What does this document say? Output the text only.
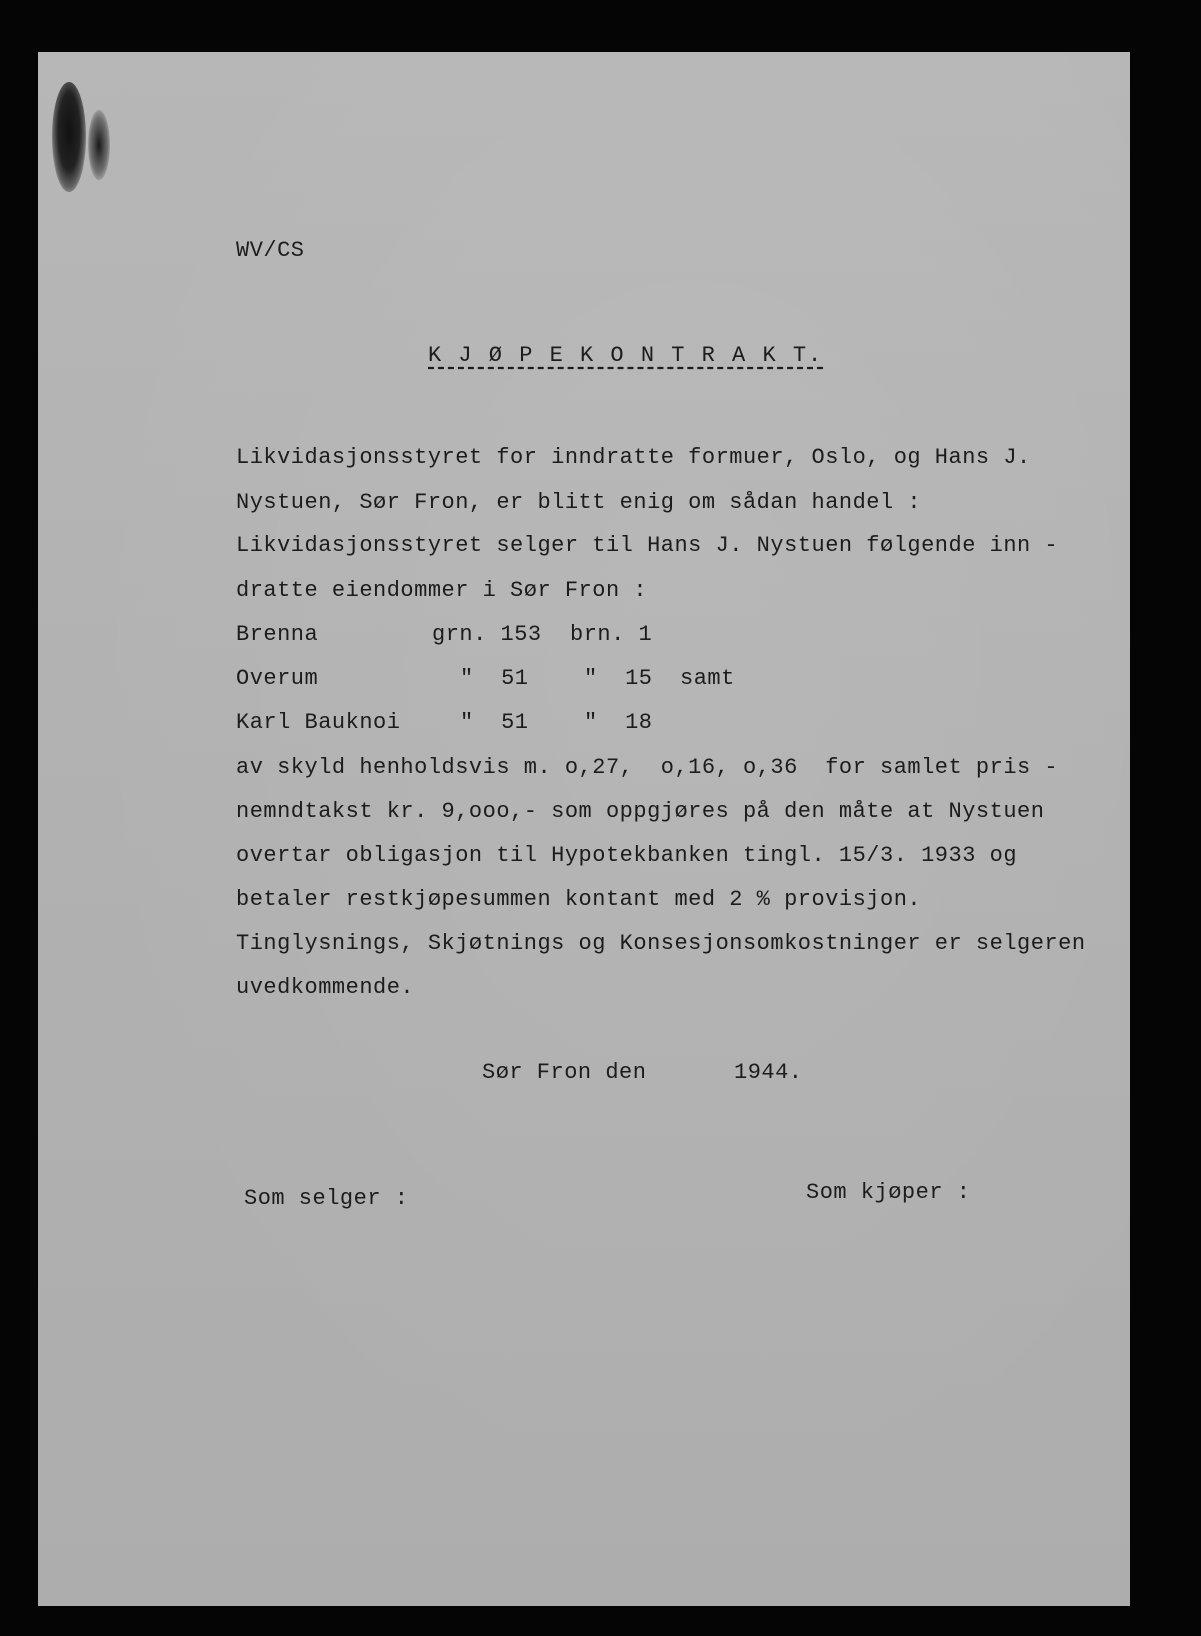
WV/CS
K J Ø P E K O N T R A K T.
Likvidasjonsstyret for inndratte formuer, Oslo, og Hans J.
Nystuen, Sør Fron, er blitt enig om sådan handel :
Likvidasjonsstyret selger til Hans J. Nystuen følgende inn -
dratte eiendommer i Sør Fron :
Brenna	grn. 153 brn. 1
Overum	"  51	"  15 samt
Karl Bauknoi	"  51	"  18
av skyld henholdsvis m. o,27,  o,16, o,36  for samlet pris -
nemndtakst kr. 9,ooo,- som oppgjøres på den måte at Nystuen
overtar obligasjon til Hypotekbanken tingl. 15/3. 1933 og
betaler restkjøpesummen kontant med 2 % provisjon.
Tinglysnings, Skjøtnings og Konsesjonsomkostninger er selgeren
uvedkommende.
Sør Fron den	1944.
Som selger :	Som kjøper :
